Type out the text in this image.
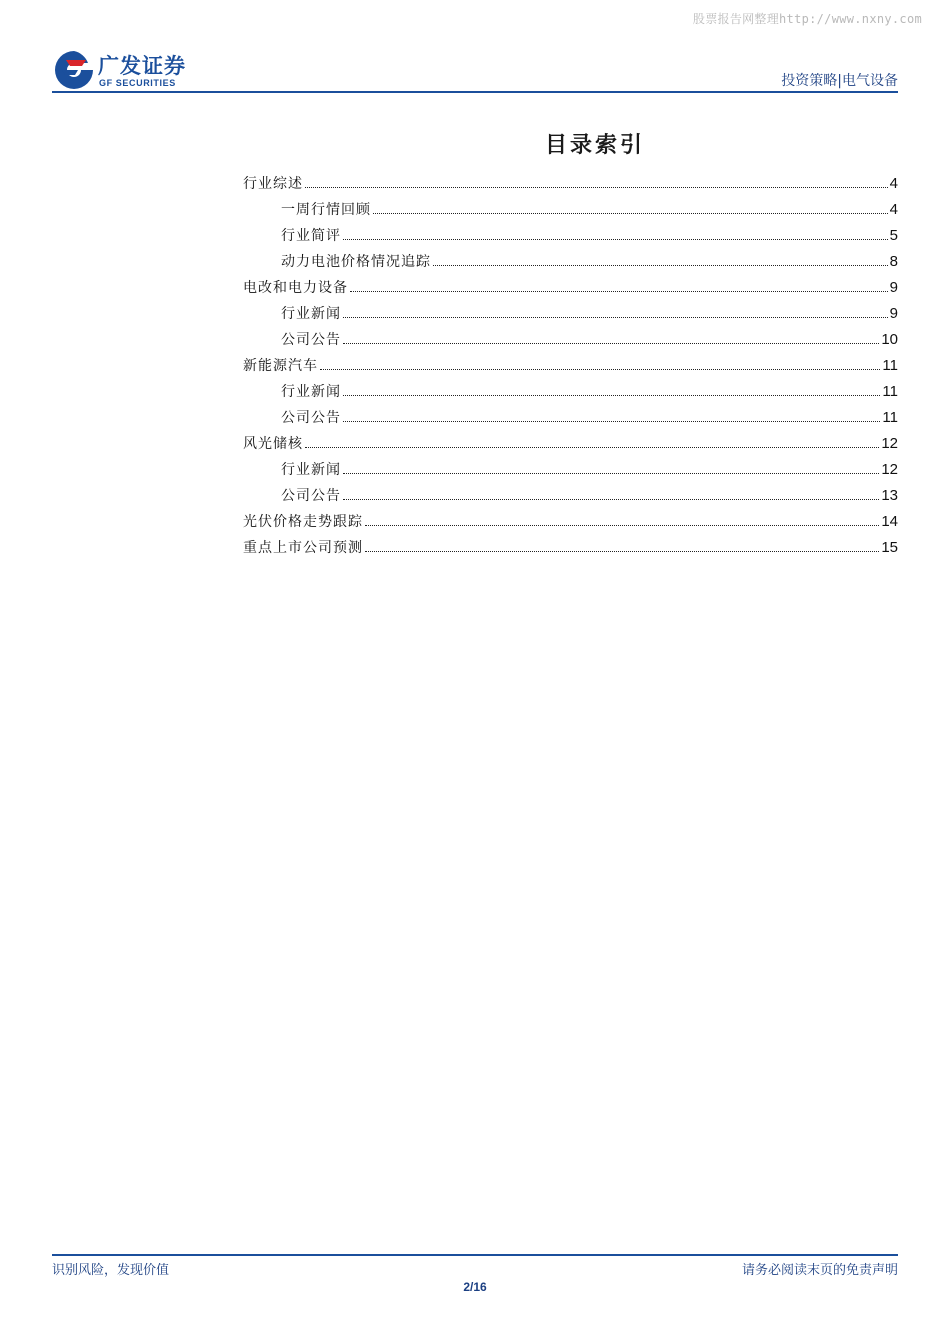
股票报告网整理http://www.nxny.com
广发证券
GF SECURITIES	投资策略|电气设备
目录索引
行业综述	4
一周行情回顾	4
行业简评	5
动力电池价格情况追踪	8
电改和电力设备	9
行业新闻	9
公司公告	10
新能源汽车	11
行业新闻	11
公司公告	11
风光储核	12
行业新闻	12
公司公告	13
光伏价格走势跟踪	14
重点上市公司预测	15
识别风险，发现价值	请务必阅读末页的免责声明
2/16
